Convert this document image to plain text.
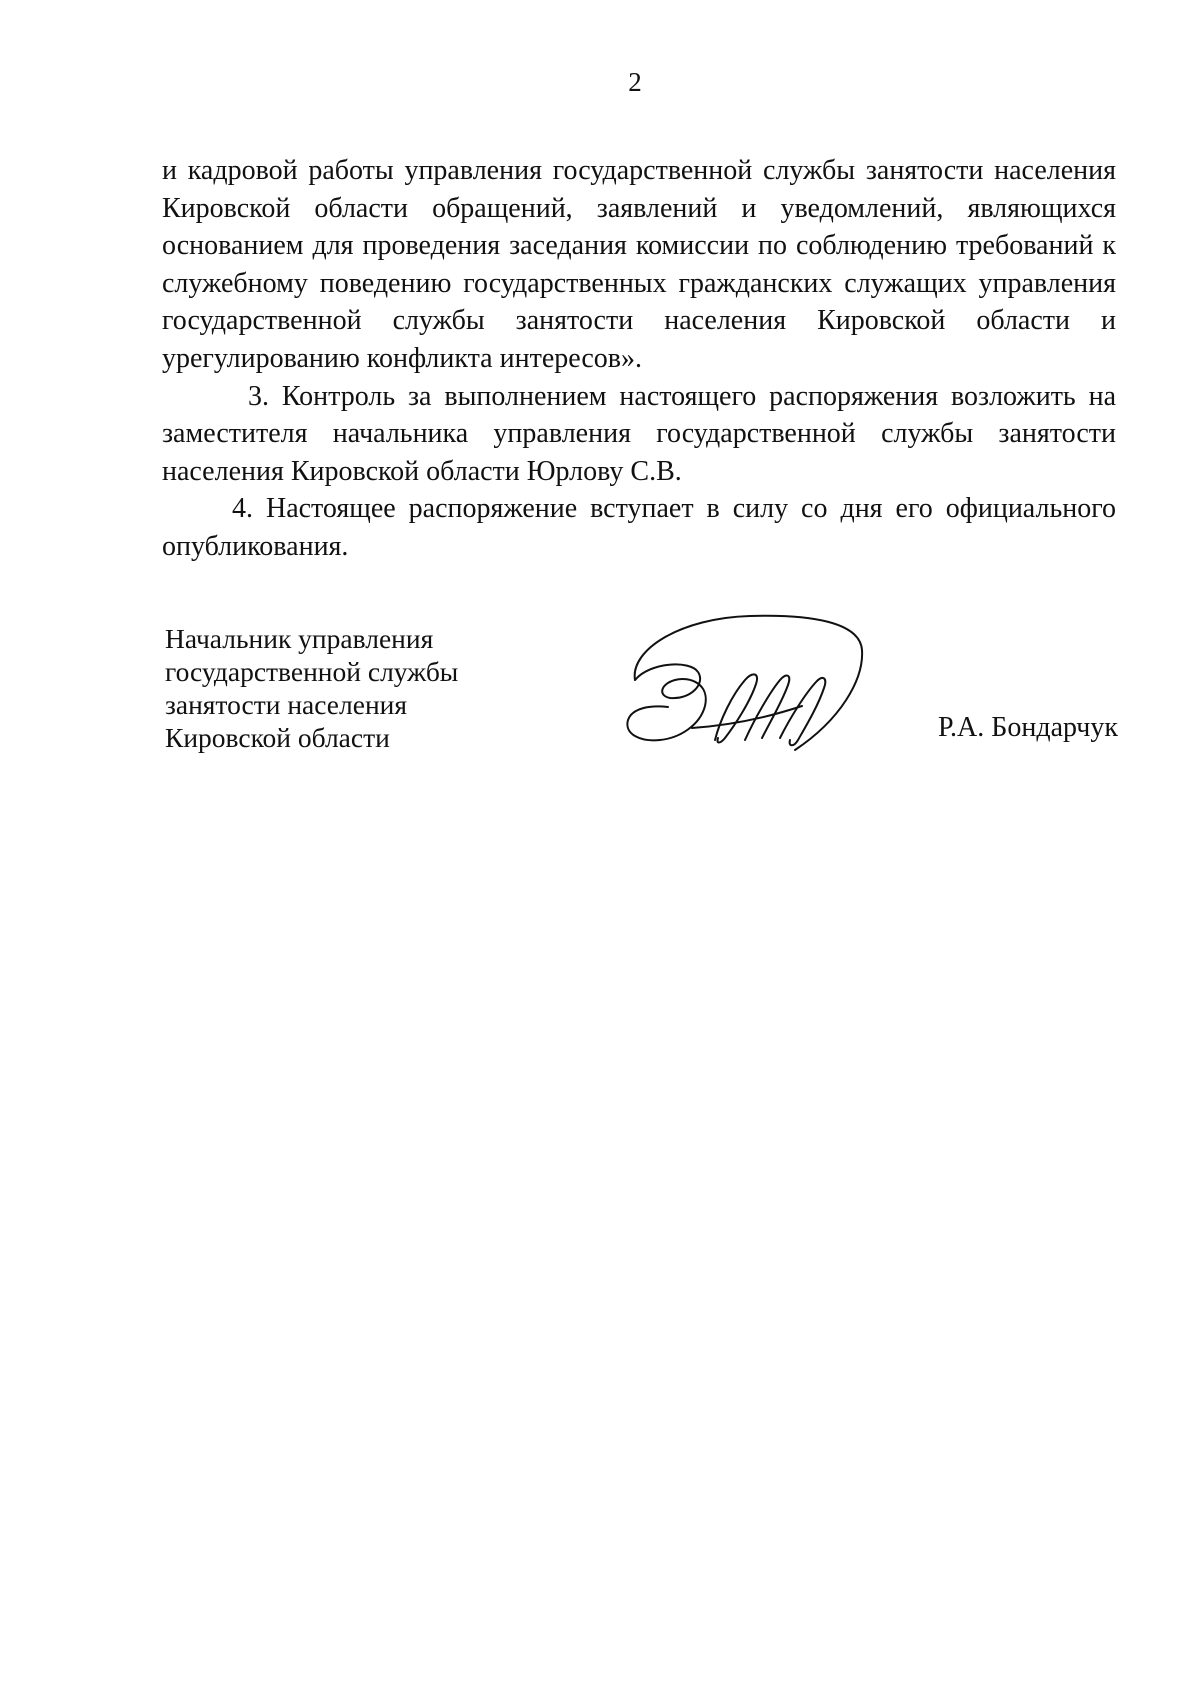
2

и кадровой работы управления государственной службы занятости населения Кировской области обращений, заявлений и уведомлений, являющихся основанием для проведения заседания комиссии по соблюдению требований к служебному поведению государственных гражданских служащих управления государственной службы занятости населения Кировской области и урегулированию конфликта интересов».

3. Контроль за выполнением настоящего распоряжения возложить на заместителя начальника управления государственной службы занятости населения Кировской области Юрлову С.В.

4. Настоящее распоряжение вступает в силу со дня его официального опубликования.

Начальник управления
государственной службы
занятости населения
Кировской области	Р.А. Бондарчук
